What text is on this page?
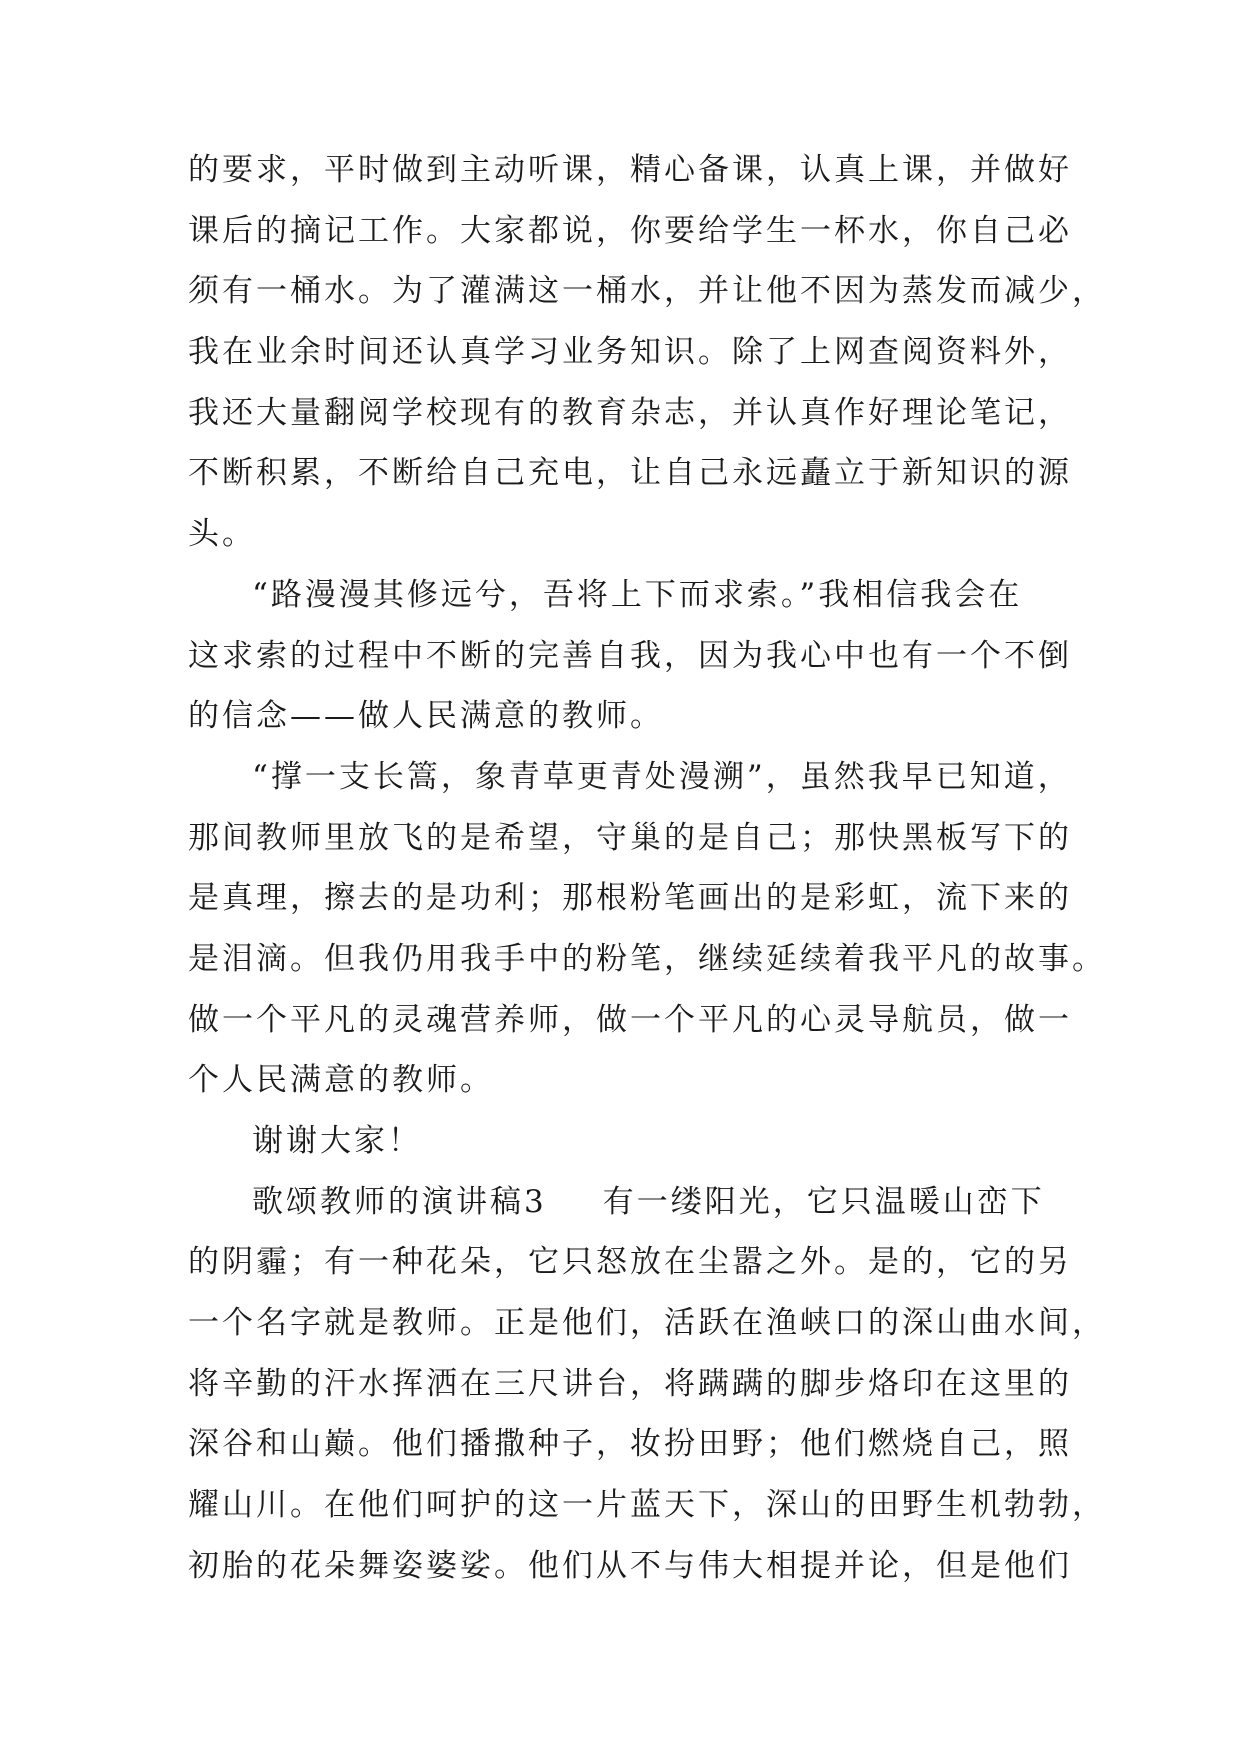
的要求，平时做到主动听课，精心备课，认真上课，并做好
课后的摘记工作。大家都说，你要给学生一杯水，你自己必
须有一桶水。为了灌满这一桶水，并让他不因为蒸发而减少，
我在业余时间还认真学习业务知识。除了上网查阅资料外，
我还大量翻阅学校现有的教育杂志，并认真作好理论笔记，
不断积累，不断给自己充电，让自己永远矗立于新知识的源
头。
“路漫漫其修远兮，吾将上下而求索。”我相信我会在
这求索的过程中不断的完善自我，因为我心中也有一个不倒
的信念——做人民满意的教师。
“撑一支长篙，象青草更青处漫溯”，虽然我早已知道，
那间教师里放飞的是希望，守巢的是自己；那快黑板写下的
是真理，擦去的是功利；那根粉笔画出的是彩虹，流下来的
是泪滴。但我仍用我手中的粉笔，继续延续着我平凡的故事。
做一个平凡的灵魂营养师，做一个平凡的心灵导航员，做一
个人民满意的教师。
谢谢大家！
歌颂教师的演讲稿3 有一缕阳光，它只温暖山峦下
的阴霾；有一种花朵，它只怒放在尘嚣之外。是的，它的另
一个名字就是教师。正是他们，活跃在渔峡口的深山曲水间，
将辛勤的汗水挥洒在三尺讲台，将蹒蹒的脚步烙印在这里的
深谷和山巅。他们播撒种子，妆扮田野；他们燃烧自己，照
耀山川。在他们呵护的这一片蓝天下，深山的田野生机勃勃，
初胎的花朵舞姿婆娑。他们从不与伟大相提并论，但是他们
